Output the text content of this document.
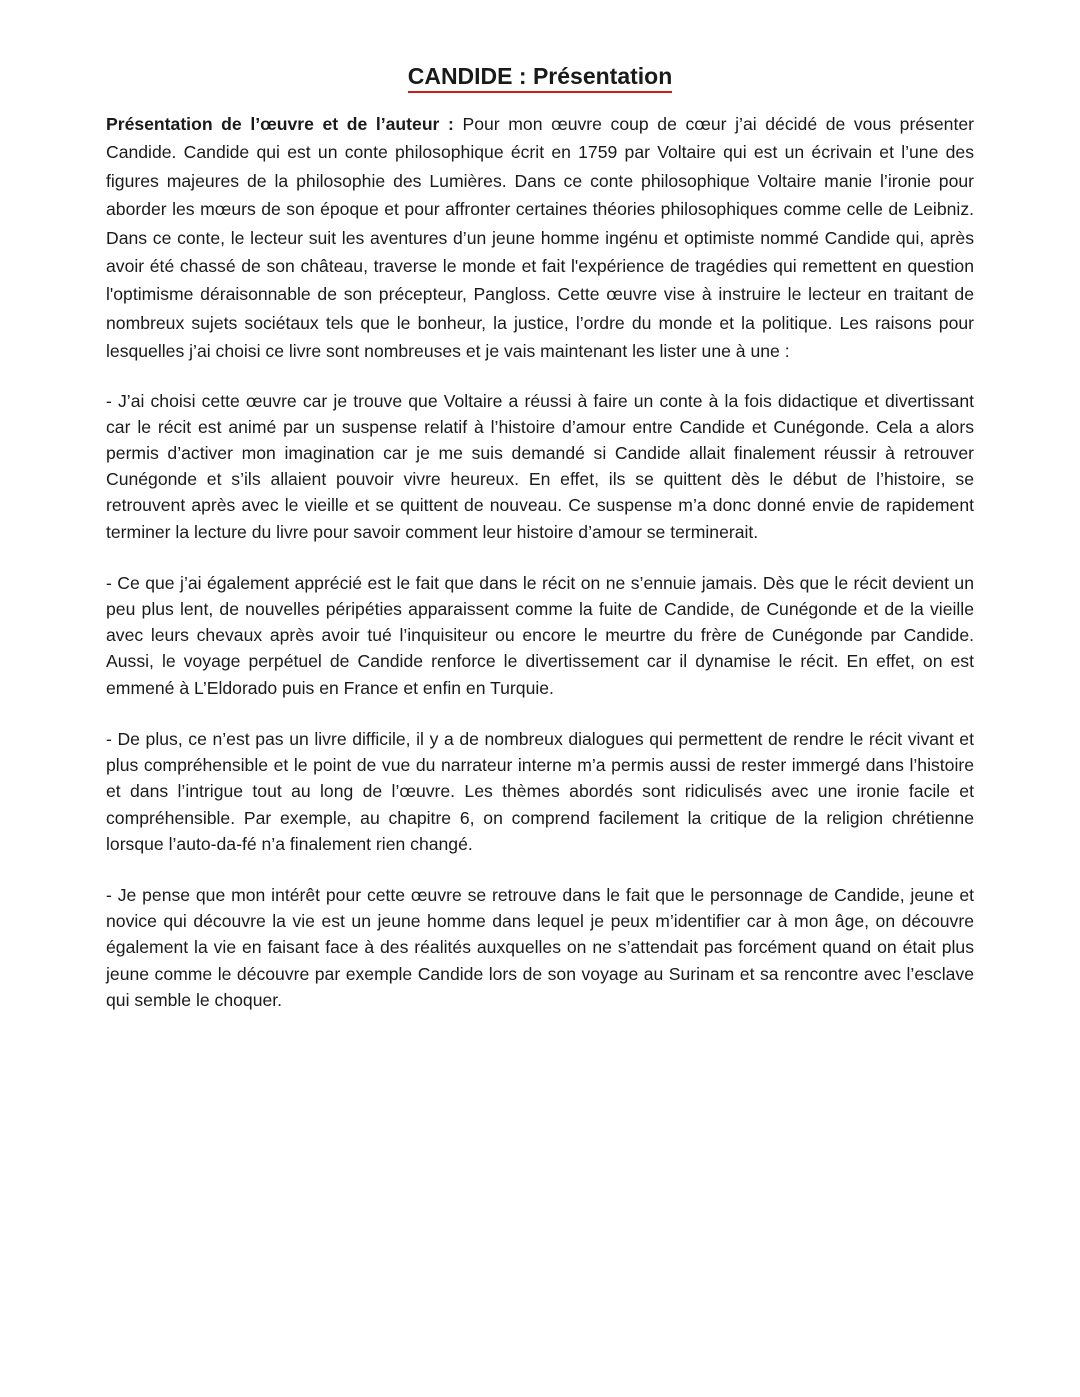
CANDIDE : Présentation

Présentation de l’œuvre et de l’auteur : Pour mon œuvre coup de cœur j’ai décidé de vous présenter Candide. Candide qui est un conte philosophique écrit en 1759 par Voltaire qui est un écrivain et l’une des figures majeures de la philosophie des Lumières. Dans ce conte philosophique Voltaire manie l’ironie pour aborder les mœurs de son époque et pour affronter certaines théories philosophiques comme celle de Leibniz. Dans ce conte, le lecteur suit les aventures d’un jeune homme ingénu et optimiste nommé Candide qui, après avoir été chassé de son château, traverse le monde et fait l'expérience de tragédies qui remettent en question l'optimisme déraisonnable de son précepteur, Pangloss. Cette œuvre vise à instruire le lecteur en traitant de nombreux sujets sociétaux tels que le bonheur, la justice, l’ordre du monde et la politique. Les raisons pour lesquelles j’ai choisi ce livre sont nombreuses et je vais maintenant les lister une à une :

- J’ai choisi cette œuvre car je trouve que Voltaire a réussi à faire un conte à la fois didactique et divertissant car le récit est animé par un suspense relatif à l’histoire d’amour entre Candide et Cunégonde. Cela a alors permis d’activer mon imagination car je me suis demandé si Candide allait finalement réussir à retrouver Cunégonde et s’ils allaient pouvoir vivre heureux. En effet, ils se quittent dès le début de l’histoire, se retrouvent après avec le vieille et se quittent de nouveau. Ce suspense m’a donc donné envie de rapidement terminer la lecture du livre pour savoir comment leur histoire d’amour se terminerait.

- Ce que j’ai également apprécié est le fait que dans le récit on ne s’ennuie jamais. Dès que le récit devient un peu plus lent, de nouvelles péripéties apparaissent comme la fuite de Candide, de Cunégonde et de la vieille avec leurs chevaux après avoir tué l’inquisiteur ou encore le meurtre du frère de Cunégonde par Candide. Aussi, le voyage perpétuel de Candide renforce le divertissement car il dynamise le récit. En effet, on est emmené à L’Eldorado puis en France et enfin en Turquie.

- De plus, ce n’est pas un livre difficile, il y a de nombreux dialogues qui permettent de rendre le récit vivant et plus compréhensible et le point de vue du narrateur interne m’a permis aussi de rester immergé dans l’histoire et dans l’intrigue tout au long de l’œuvre. Les thèmes abordés sont ridiculisés avec une ironie facile et compréhensible. Par exemple, au chapitre 6, on comprend facilement la critique de la religion chrétienne lorsque l’auto-da-fé n’a finalement rien changé.

- Je pense que mon intérêt pour cette œuvre se retrouve dans le fait que le personnage de Candide, jeune et novice qui découvre la vie est un jeune homme dans lequel je peux m’identifier car à mon âge, on découvre également la vie en faisant face à des réalités auxquelles on ne s’attendait pas forcément quand on était plus jeune comme le découvre par exemple Candide lors de son voyage au Surinam et sa rencontre avec l’esclave qui semble le choquer.
